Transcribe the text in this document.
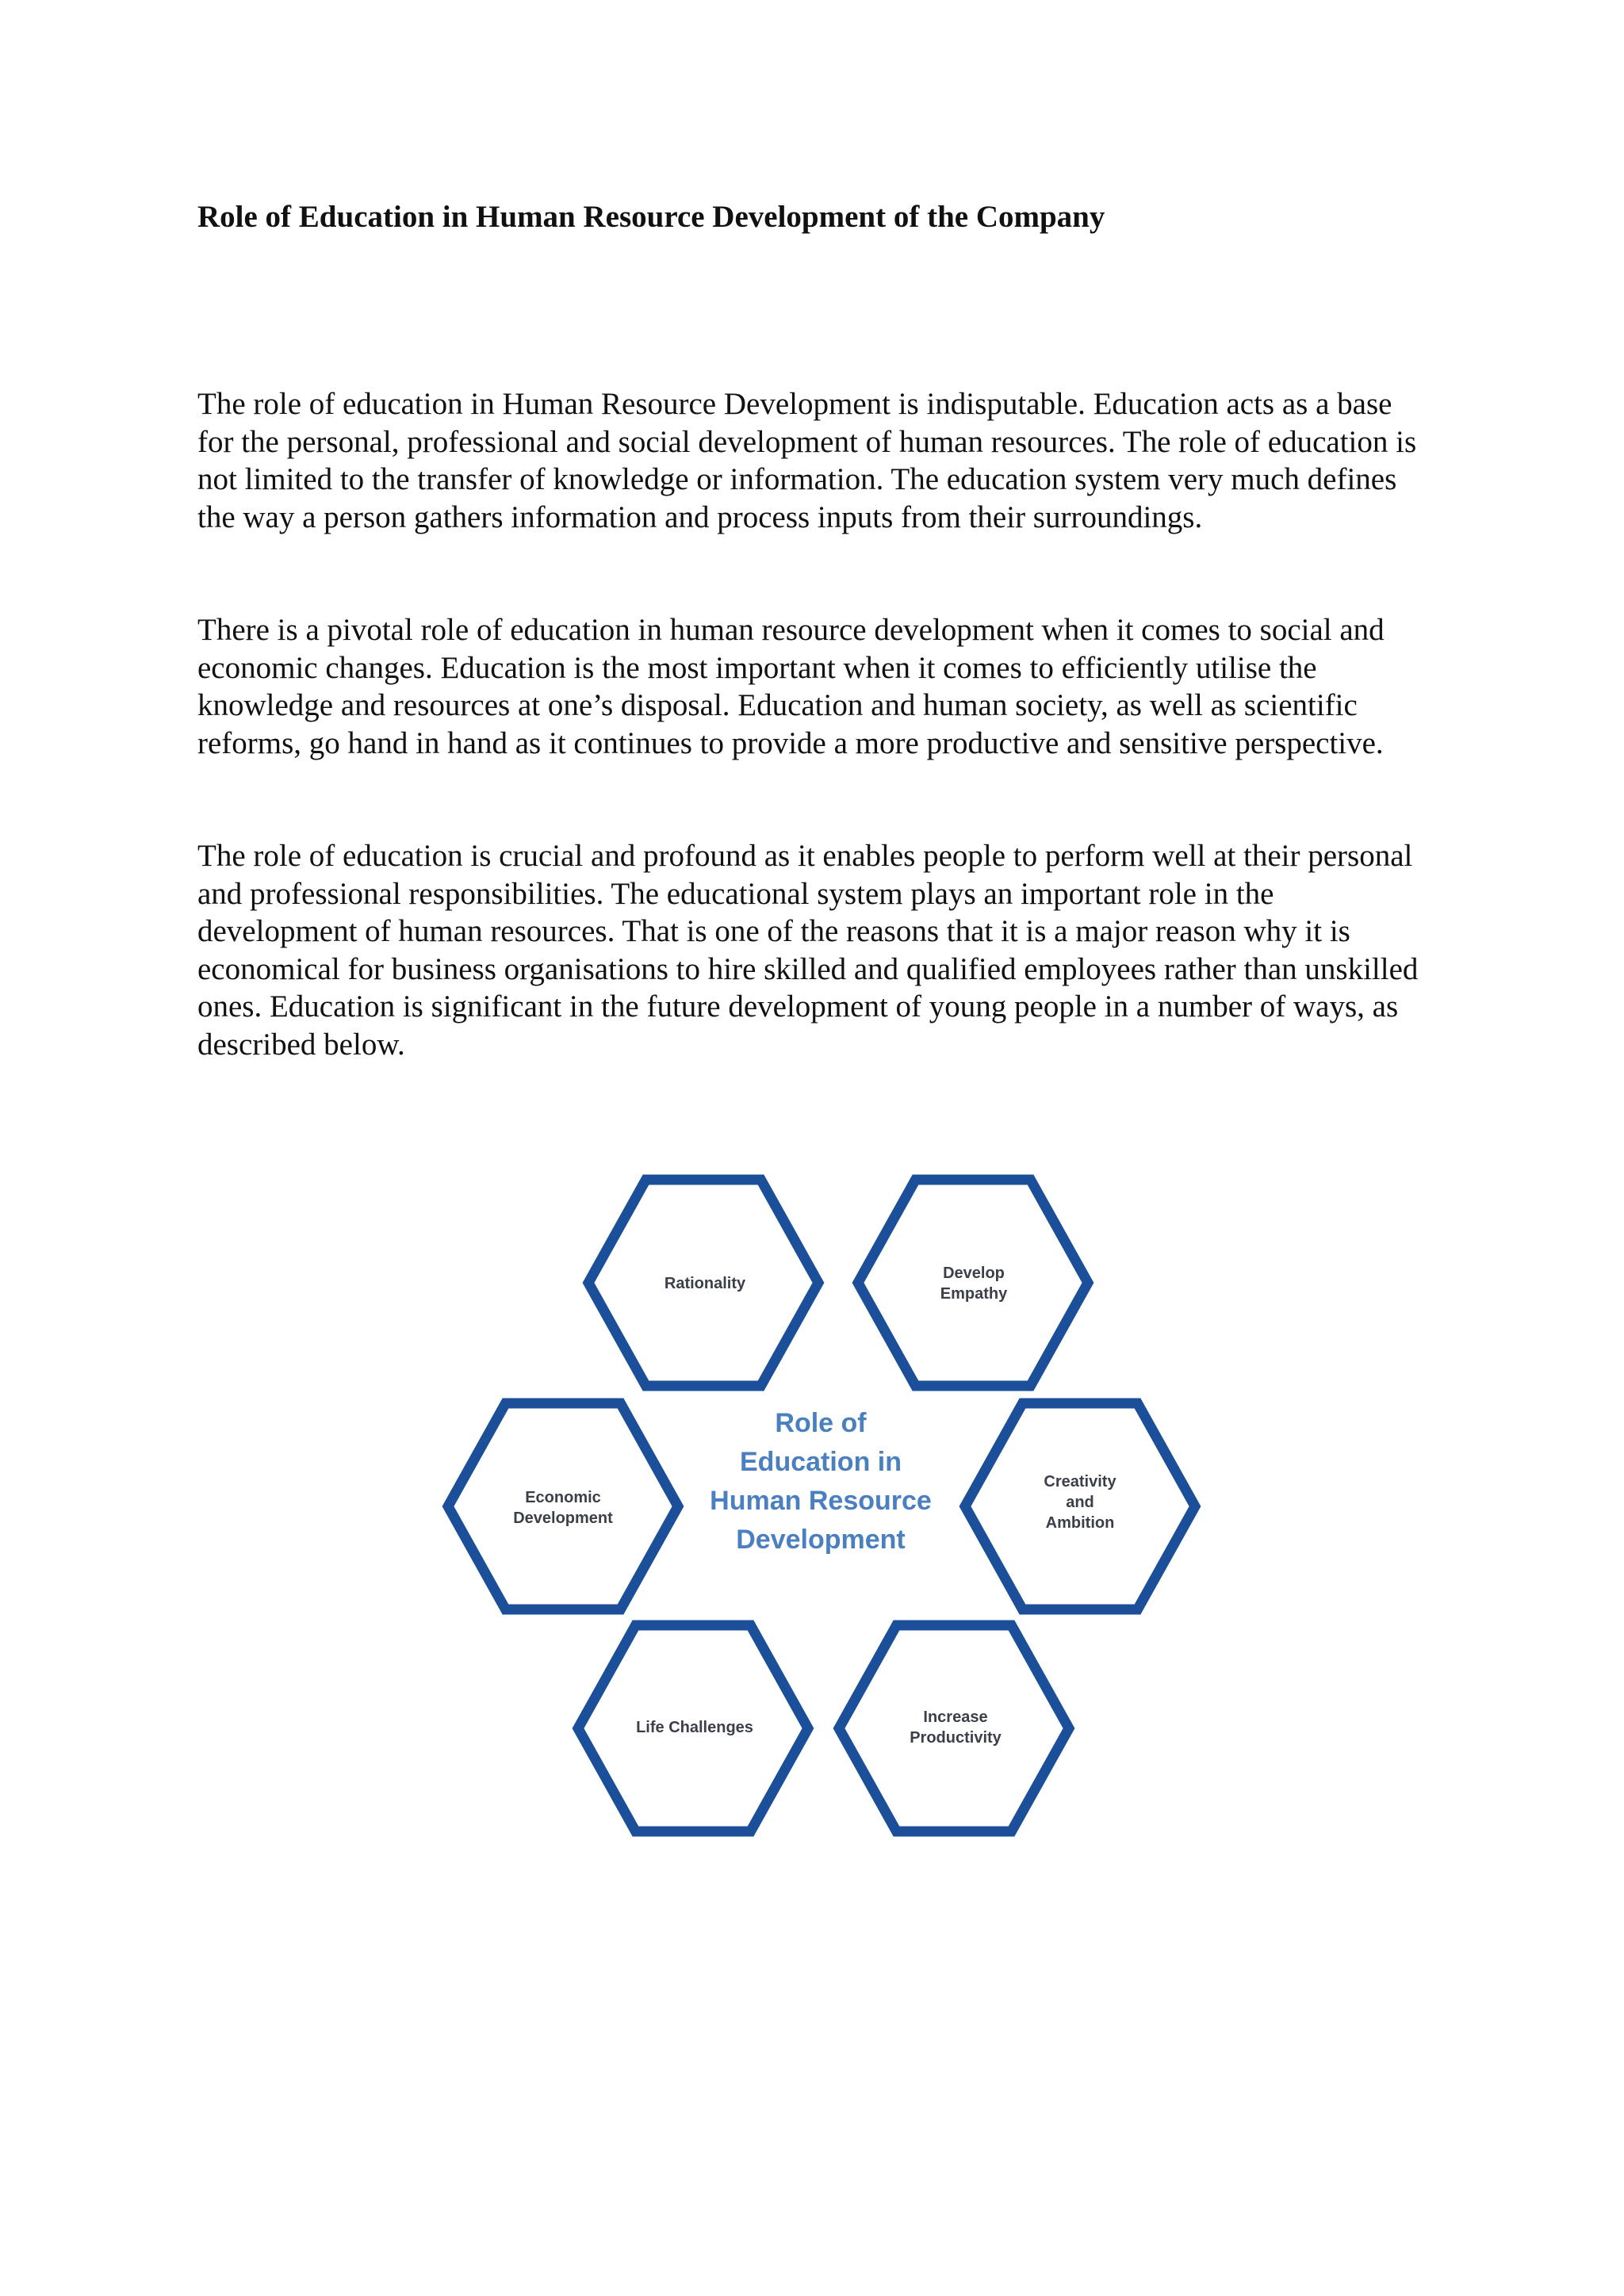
Role of Education in Human Resource Development of the Company

The role of education in Human Resource Development is indisputable. Education acts as a base for the personal, professional and social development of human resources. The role of education is not limited to the transfer of knowledge or information. The education system very much defines the way a person gathers information and process inputs from their surroundings.

There is a pivotal role of education in human resource development when it comes to social and economic changes. Education is the most important when it comes to efficiently utilise the knowledge and resources at one’s disposal. Education and human society, as well as scientific reforms, go hand in hand as it continues to provide a more productive and sensitive perspective.

The role of education is crucial and profound as it enables people to perform well at their personal and professional responsibilities. The educational system plays an important role in the development of human resources. That is one of the reasons that it is a major reason why it is economical for business organisations to hire skilled and qualified employees rather than unskilled ones. Education is significant in the future development of young people in a number of ways, as described below.

Rationality
Develop
Empathy
Economic
Development
Creativity
and
Ambition
Life Challenges
Increase
Productivity
Role of
Education in
Human Resource
Development
